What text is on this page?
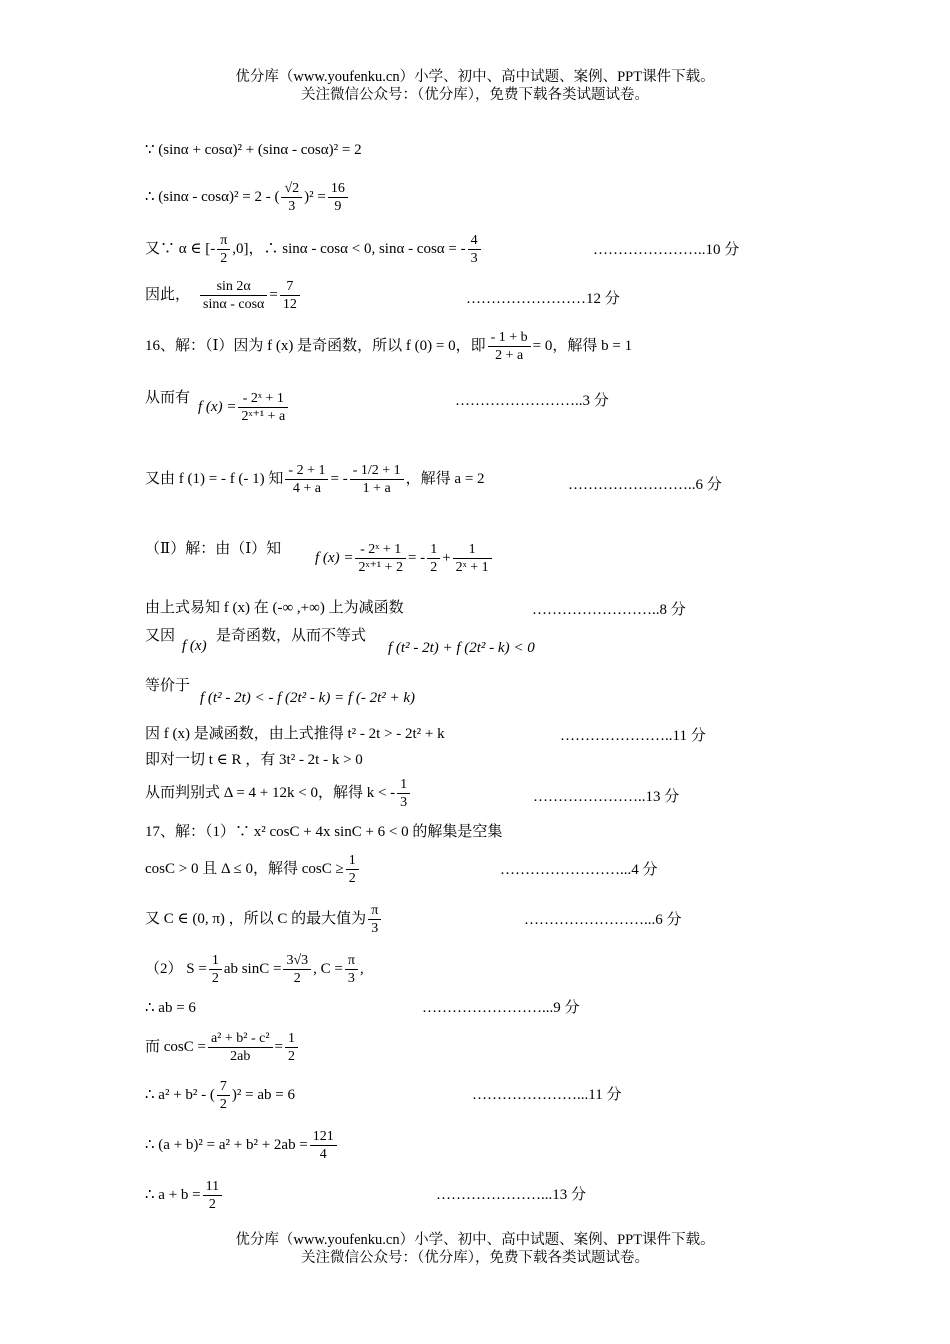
优分库（www.youfenku.cn）小学、初中、高中试题、案例、PPT课件下载。
关注微信公众号：（优分库），免费下载各类试题试卷。
∵ (sinα + cosα)² + (sinα - cosα)² = 2
∴ (sinα - cosα)² = 2 - ( $\frac{√2}{3} )^2 = \frac{16}{9}$
又∵ α ∈ [- $\frac{\pi}{2} ,0$]，∴ sinα - cosα < 0, sinα - cosα = - $\frac{4}{3}$	…………………..10 分
因此， $\frac{\sin 2\alpha}{\sin\alpha - \cos\alpha} = \frac{7}{12}$	……………………12 分
16、解：（Ⅰ）因为 f (x) 是奇函数，所以 f (0) = 0，即 $\frac{- 1 + b}{2 + a} = 0$，解得 b = 1
从而有
f $(x) = \frac{\text{- 2ˣ + 1}}{\text{2ˣ⁺¹ + a}}$	……………………..3 分
又由 f (1) = - f (- 1) 知 $\frac{- 2 + 1}{4 + a}$ = - $\frac{- 1/2 + 1}{1 + a}$ ，解得 a = 2	……………………..6 分
（Ⅱ）解：由（Ⅰ）知
f $(x) = \frac{\text{- 2ˣ + 1}}{\text{2ˣ⁺¹ + 2}}$ = - $\frac{1}{2} + \frac{1}{\text{2ˣ + 1}}$
由上式易知 f (x) 在 (-∞ ,+∞) 上为减函数	……………………..8 分
又因
f (x)
是奇函数，从而不等式
f (t² - 2t) + f (2t² - k) < 0
等价于
f (t² - 2t) < - f (2t² - k) = f (- 2t² + k)
因 f (x) 是减函数，由上式推得 t² - 2t > - 2t² + k	…………………..11 分
即对一切 t ∈ R ，有 3t² - 2t - k > 0
从而判别式 Δ = 4 + 12k < 0，解得 k < - $\frac{1}{3}$	…………………..13 分
17、解：（1）∵ x² cosC + 4x sinC + 6 < 0 的解集是空集
cosC > 0 且 Δ ≤ 0，解得 $\cos C \ge \frac{1}{2}$	……………………...4 分
又 C ∈ (0, π) ，所以 C 的最大值为 $\frac{\pi}{3}$	……………………...6 分
（2） $S = \frac{1}{2}$ ab $\sin C = \frac{3√3}{2}$ , $C = \frac{\pi}{3}$ ,
∴ ab = 6	……………………...9 分
而 $\cos C = \frac{\text{a² + b² - c²}}{2ab} = \frac{1}{2}$
∴ a² + b² - ( $\frac{7}{2} )^2$ = ab = 6	…………………...11 分
∴ $(a + b)^2 = a^2 + b^2 + 2ab = \frac{121}{4}$
∴ $a + b = \frac{11}{2}$	…………………...13 分
优分库（www.youfenku.cn）小学、初中、高中试题、案例、PPT课件下载。
关注微信公众号：（优分库），免费下载各类试题试卷。
